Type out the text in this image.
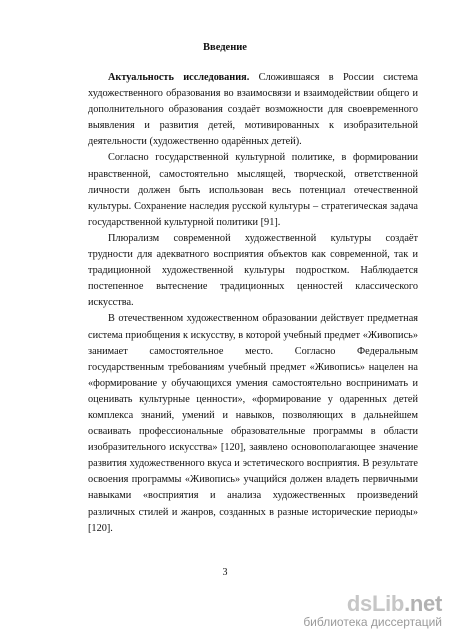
Введение

Актуальность исследования. Сложившаяся в России система художественного образования во взаимосвязи и взаимодействии общего и дополнительного образования создаёт возможности для своевременного выявления и развития детей, мотивированных к изобразительной деятельности (художественно одарённых детей).

Согласно государственной культурной политике, в формировании нравственной, самостоятельно мыслящей, творческой, ответственной личности должен быть использован весь потенциал отечественной культуры. Сохранение наследия русской культуры – стратегическая задача государственной культурной политики [91].

Плюрализм современной художественной культуры создаёт трудности для адекватного восприятия объектов как современной, так и традиционной художественной культуры подростком. Наблюдается постепенное вытеснение традиционных ценностей классического искусства.

В отечественном художественном образовании действует предметная система приобщения к искусству, в которой учебный предмет «Живопись» занимает самостоятельное место. Согласно Федеральным государственным требованиям учебный предмет «Живопись» нацелен на «формирование у обучающихся умения самостоятельно воспринимать и оценивать культурные ценности», «формирование у одаренных детей комплекса знаний, умений и навыков, позволяющих в дальнейшем осваивать профессиональные образовательные программы в области изобразительного искусства» [120], заявлено основополагающее значение развития художественного вкуса и эстетического восприятия. В результате освоения программы «Живопись» учащийся должен владеть первичными навыками «восприятия и анализа художественных произведений различных стилей и жанров, созданных в разные исторические периоды» [120].

3
dsLib.net
библиотека диссертаций
